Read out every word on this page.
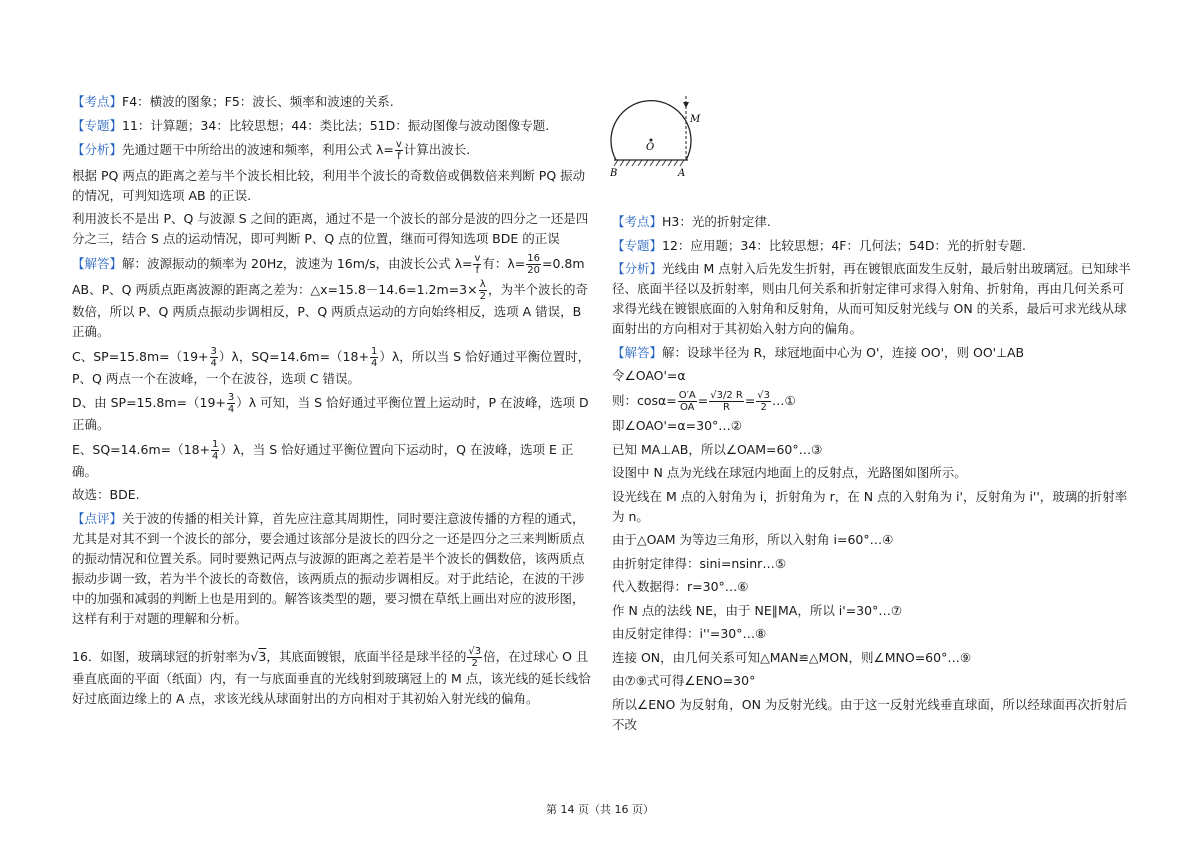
【考点】F4：横波的图象；F5：波长、频率和波速的关系.

【专题】11：计算题；34：比较思想；44：类比法；51D：振动图像与波动图像专题.

【分析】先通过题干中所给出的波速和频率，利用公式 $\lambda= \frac{v}{f}$ 计算出波长.

根据 PQ 两点的距离之差与半个波长相比较，利用半个波长的奇数倍或偶数倍来判断 PQ 振动的情况，可判知选项 AB 的正误.

利用波长不是出 P、Q 与波源 S 之间的距离，通过不是一个波长的部分是波的四分之一还是四分之三，结合 S 点的运动情况，即可判断 P、Q 点的位置，继而可得知选项 BDE 的正误

【解答】解：波源振动的频率为 20Hz，波速为 16m/s，由波长公式 $\lambda= \frac{v}{f}$ 有：$\lambda= \frac{16}{20} =0.8m$

AB、P、Q 两质点距离波源的距离之差为：△x=15.8－14.6=1.2m=3× $\frac{\lambda}{2}$ ，为半个波长的奇数倍，所以 P、Q 两质点振动步调相反，P、Q 两质点运动的方向始终相反，选项 A 错误，B 正确。

C、$SP=15.8m=(19+ \frac{3}{4} )\lambda$，$SQ=14.6m=(18+ \frac{1}{4} )\lambda$，所以当 S 恰好通过平衡位置时，P、Q 两点一个在波峰，一个在波谷，选项 C 错误。

D、由 $SP=15.8m=(19+ \frac{3}{4} )\lambda$ 可知，当 S 恰好通过平衡位置上运动时，P 在波峰，选项 D 正确。

E、$SQ=14.6m=(18+ \frac{1}{4} )\lambda$，当 S 恰好通过平衡位置向下运动时，Q 在波峰，选项 E 正确。

故选：BDE.

【点评】关于波的传播的相关计算，首先应注意其周期性，同时要注意波传播的方程的通式，尤其是对其不到一个波长的部分，要会通过该部分是波长的四分之一还是四分之三来判断质点的振动情况和位置关系。同时要熟记两点与波源的距离之差若是半个波长的偶数倍，该两质点振动步调一致，若为半个波长的奇数倍，该两质点的振动步调相反。对于此结论，在波的干涉中的加强和减弱的判断上也是用到的。解答该类型的题，要习惯在草纸上画出对应的波形图，这样有利于对题的理解和分析。

16．如图，玻璃球冠的折射率为√3，其底面镀银，底面半径是球半径的 $\frac{√3}{2}$ 倍，在过球心 O 且垂直底面的平面（纸面）内，有一与底面垂直的光线射到玻璃冠上的 M 点，该光线的延长线恰好过底面边缘上的 A 点，求该光线从球面射出的方向相对于其初始入射光线的偏角。

M
O
B	A

【考点】H3：光的折射定律.

【专题】12：应用题；34：比较思想；4F：几何法；54D：光的折射专题.

【分析】光线由 M 点射入后先发生折射，再在镀银底面发生反射，最后射出玻璃冠。已知球半径、底面半径以及折射率，则由几何关系和折射定律可求得入射角、折射角，再由几何关系可求得光线在镀银底面的入射角和反射角，从而可知反射光线与 ON 的关系，最后可求光线从球面射出的方向相对于其初始入射方向的偏角。

【解答】解：设球半径为 R，球冠地面中心为 O'，连接 OO'，则 OO'⊥AB

令∠OAO'=α

则：$\cos\alpha= \frac{O'A}{OA} = \frac{√3/2 R}{R} = \frac{√3}{2}$ …①

即∠OAO'=α=30°…②

已知 MA⊥AB，所以∠OAM=60°…③

设图中 N 点为光线在球冠内地面上的反射点，光路图如图所示。

设光线在 M 点的入射角为 i，折射角为 r，在 N 点的入射角为 i'，反射角为 i''，玻璃的折射率为 n。

由于△OAM 为等边三角形，所以入射角 i=60°…④

由折射定律得：sini=nsinr…⑤

代入数据得：r=30°…⑥

作 N 点的法线 NE，由于 NE∥MA，所以 i'=30°…⑦

由反射定律得：i''=30°…⑧

连接 ON，由几何关系可知△MAN≌△MON，则∠MNO=60°…⑨

由⑦⑨式可得∠ENO=30°

所以∠ENO 为反射角，ON 为反射光线。由于这一反射光线垂直球面，所以经球面再次折射后不改

第 14 页（共 16 页）
